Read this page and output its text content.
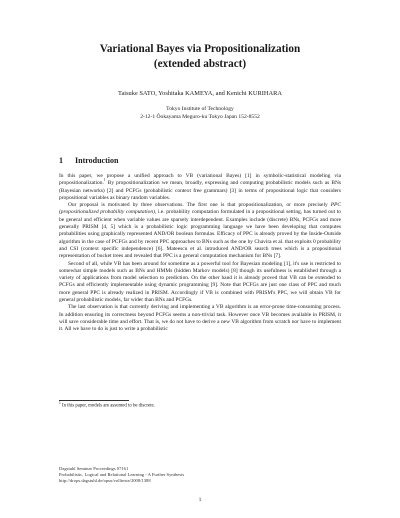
Variational Bayes via Propositionalization
(extended abstract)
Taisuke SATO, Yoshitaka KAMEYA, and Kenichi KURIHARA
Tokyo Institute of Technology
2-12-1 Ôokayama Meguro-ku Tokyo Japan 152-8552
1 Introduction

In this paper, we propose a unified approach to VB (variational Bayes) [1] in symbolic-statistical modeling via propositionalization.$^1$ By propositionalization we mean, broadly, expressing and computing probabilistic models such as BNs (Bayesian networks) [2] and PCFGs (probabilistic context free grammars) [3] in terms of propositional logic that considers propositional variables as binary random variables.

Our proposal is motivated by three observations. The first one is that propositionalization, or more precisely PPC (propositionalized probability computation), i.e. probability computation formulated in a propositional setting, has turned out to be general and efficient when variable values are sparsely interdependent. Examples include (discrete) BNs, PCFGs and more generally PRISM [4, 5] which is a probabilistic logic programming language we have been developing that computes probabilities using graphically represented AND/OR boolean formulas. Efficacy of PPC is already proved by the Inside-Outside algorithm in the case of PCFGs and by recent PPC approaches to BNs such as the one by Chavira et al. that exploits 0 probability and CSI (context specific independence) [6]. Mateescu et al. introduced AND/OR search trees which is a propositional representation of bucket trees and revealed that PPC is a general computation mechanism for BNs [7].

Second of all, while VB has been around for sometime as a powerful tool for Bayesian modeling [1], it's use is restricted to somewhat simple models such as BNs and HMMs (hidden Markov models) [8] though its usefulness is established through a variety of applications from model selection to prediction. On the other hand it is already proved that VB can be extended to PCFGs and efficiently implementable using dynamic programming [9]. Note that PCFGs are just one class of PPC and much more general PPC is already realized in PRISM. Accordingly if VB is combined with PRISM's PPC, we will obtain VB for general probabilistic models, far wider than BNs and PCFGs.

The last observation is that currently deriving and implementing a VB algorithm is an error-prone time-consuming process. In addition ensuring its correctness beyond PCFGs seems a non-trivial task. However once VB becomes available in PRISM, it will save considerable time and effort. That is, we do not have to derive a new VB algorithm from scratch nor have to implement it. All we have to do is just to write a probabilistic

$^1$ In this paper, models are assumed to be discrete.
Dagstuhl Seminar Proceedings 07161
Probabilistic, Logical and Relational Learning - A Further Synthesis
http://drops.dagstuhl.de/opus/volltexte/2008/1388
1
